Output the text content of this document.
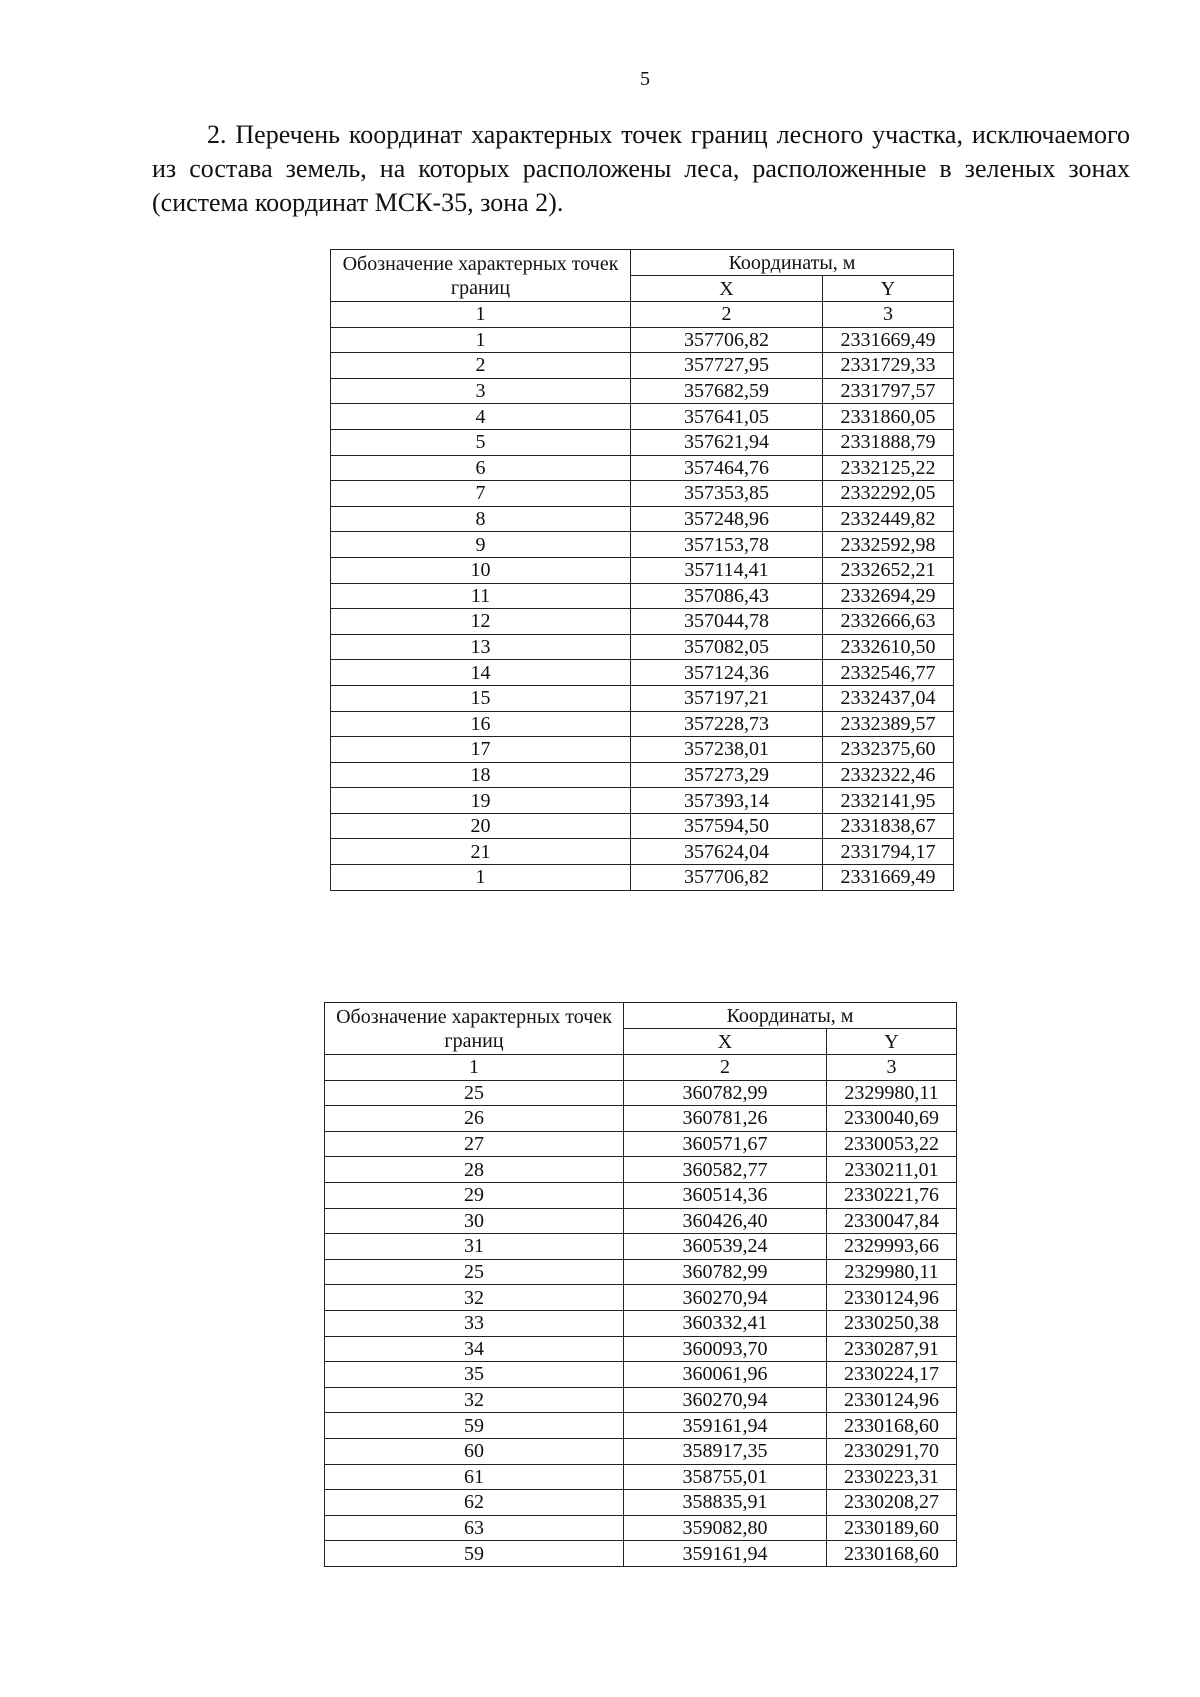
5

2. Перечень координат характерных точек границ лесного участка, исключаемого из состава земель, на которых расположены леса, расположенные в зеленых зонах (система координат МСК-35, зона 2).

Обозначение характерных точек границ	Координаты, м	
	X	Y
1	2	3
1	357706,82	2331669,49
2	357727,95	2331729,33
3	357682,59	2331797,57
4	357641,05	2331860,05
5	357621,94	2331888,79
6	357464,76	2332125,22
7	357353,85	2332292,05
8	357248,96	2332449,82
9	357153,78	2332592,98
10	357114,41	2332652,21
11	357086,43	2332694,29
12	357044,78	2332666,63
13	357082,05	2332610,50
14	357124,36	2332546,77
15	357197,21	2332437,04
16	357228,73	2332389,57
17	357238,01	2332375,60
18	357273,29	2332322,46
19	357393,14	2332141,95
20	357594,50	2331838,67
21	357624,04	2331794,17
1	357706,82	2331669,49
Обозначение характерных точек границ	Координаты, м	
	X	Y
1	2	3
25	360782,99	2329980,11
26	360781,26	2330040,69
27	360571,67	2330053,22
28	360582,77	2330211,01
29	360514,36	2330221,76
30	360426,40	2330047,84
31	360539,24	2329993,66
25	360782,99	2329980,11
32	360270,94	2330124,96
33	360332,41	2330250,38
34	360093,70	2330287,91
35	360061,96	2330224,17
32	360270,94	2330124,96
59	359161,94	2330168,60
60	358917,35	2330291,70
61	358755,01	2330223,31
62	358835,91	2330208,27
63	359082,80	2330189,60
59	359161,94	2330168,60
